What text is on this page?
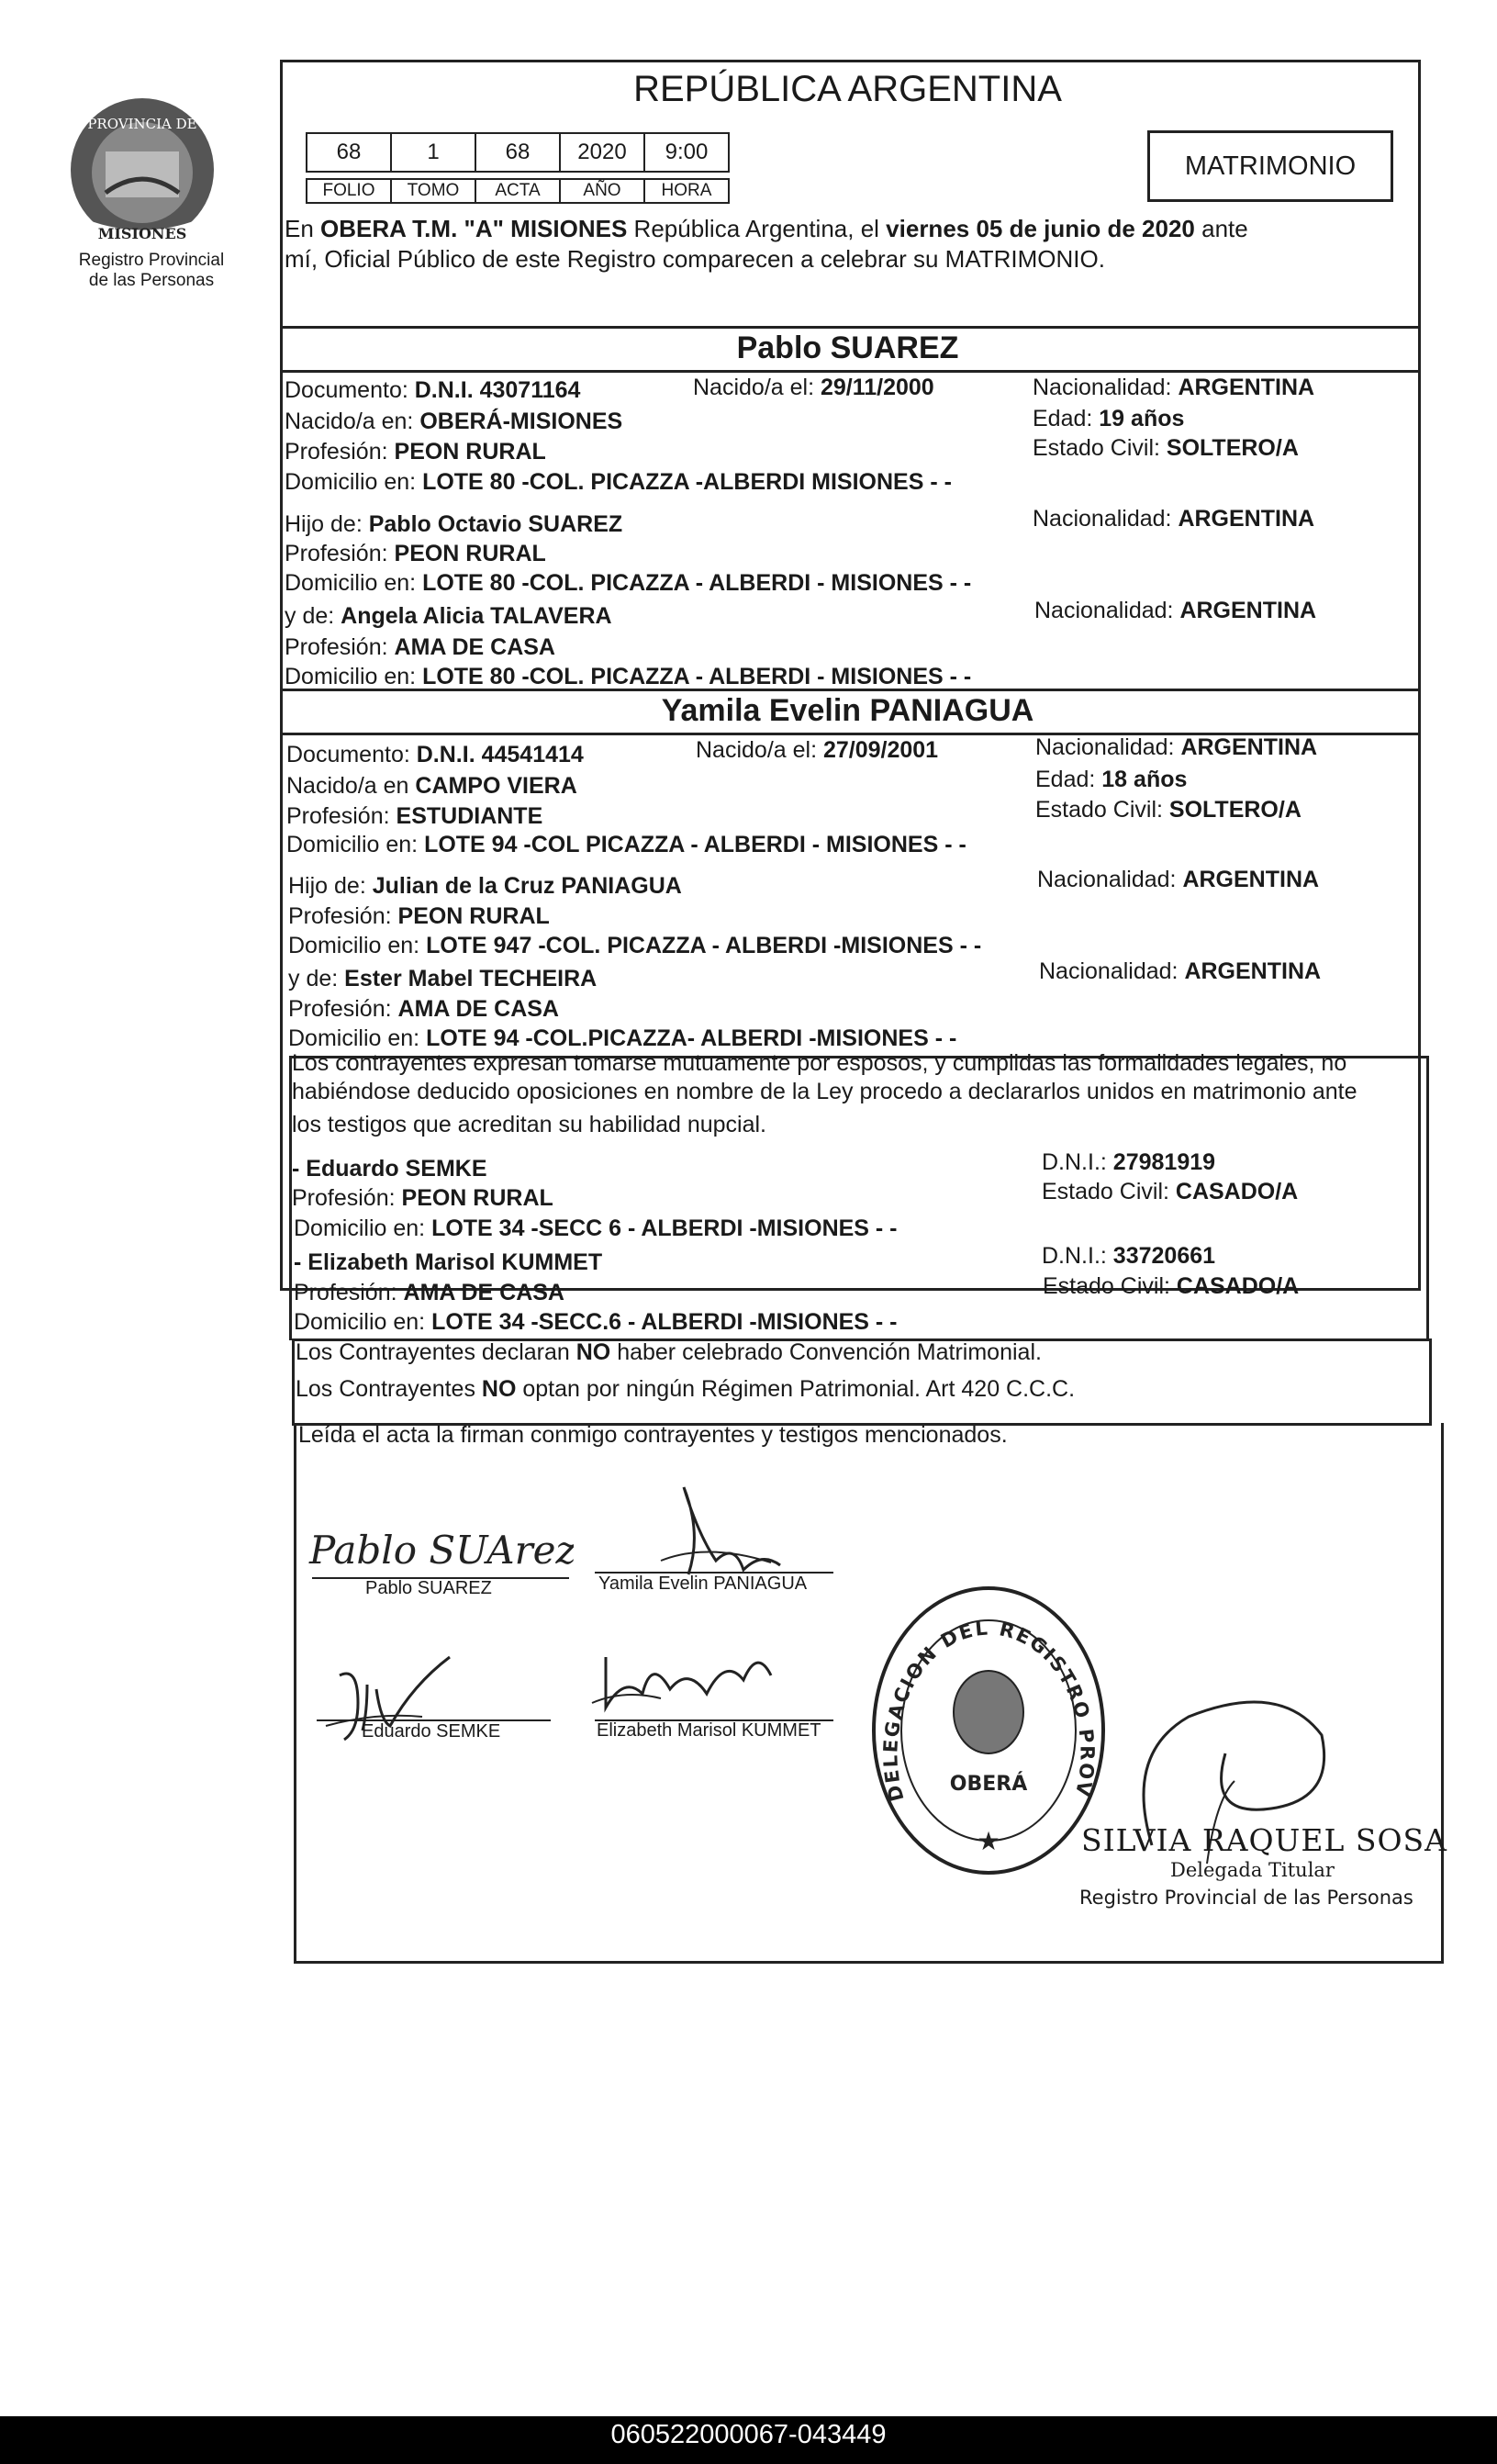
PROVINCIA DE
MISIONES
Registro Provincial
de las Personas
REPÚBLICA ARGENTINA
68	1	68	2020	9:00
FOLIO	TOMO	ACTA	AÑO	HORA
MATRIMONIO
En OBERA T.M. "A" MISIONES República Argentina, el viernes 05 de junio de 2020 ante
mí, Oficial Público de este Registro comparecen a celebrar su MATRIMONIO.
Pablo SUAREZ
Documento: D.N.I. 43071164	Nacido/a el: 29/11/2000	Nacionalidad: ARGENTINA
Nacido/a en: OBERÁ-MISIONES	Edad: 19 años
Profesión: PEON RURAL	Estado Civil: SOLTERO/A
Domicilio en: LOTE 80 -COL. PICAZZA -ALBERDI MISIONES - -
Hijo de: Pablo Octavio SUAREZ	Nacionalidad: ARGENTINA
Profesión: PEON RURAL
Domicilio en: LOTE 80 -COL. PICAZZA - ALBERDI - MISIONES - -
y de: Angela Alicia TALAVERA	Nacionalidad: ARGENTINA
Profesión: AMA DE CASA
Domicilio en: LOTE 80 -COL. PICAZZA - ALBERDI - MISIONES - -
Yamila Evelin PANIAGUA
Documento: D.N.I. 44541414	Nacido/a el: 27/09/2001	Nacionalidad: ARGENTINA
Nacido/a en CAMPO VIERA	Edad: 18 años
Profesión: ESTUDIANTE	Estado Civil: SOLTERO/A
Domicilio en: LOTE 94 -COL PICAZZA - ALBERDI - MISIONES - -
Hijo de: Julian de la Cruz PANIAGUA	Nacionalidad: ARGENTINA
Profesión: PEON RURAL
Domicilio en: LOTE 947 -COL. PICAZZA - ALBERDI -MISIONES - -
y de: Ester Mabel TECHEIRA	Nacionalidad: ARGENTINA
Profesión: AMA DE CASA
Domicilio en: LOTE 94 -COL.PICAZZA- ALBERDI -MISIONES - -
Los contrayentes expresan tomarse mutuamente por esposos, y cumplidas las formalidades legales, no
habiéndose deducido oposiciones en nombre de la Ley procedo a declararlos unidos en matrimonio ante
los testigos que acreditan su habilidad nupcial.
- Eduardo SEMKE	D.N.I.: 27981919
Profesión: PEON RURAL	Estado Civil: CASADO/A
Domicilio en: LOTE 34 -SECC 6 - ALBERDI -MISIONES - -
- Elizabeth Marisol KUMMET	D.N.I.: 33720661
Profesión: AMA DE CASA	Estado Civil: CASADO/A
Domicilio en: LOTE 34 -SECC.6 - ALBERDI -MISIONES - -
Los Contrayentes declaran NO haber celebrado Convención Matrimonial.
Los Contrayentes NO optan por ningún Régimen Patrimonial. Art 420 C.C.C.
Leída el acta la firman conmigo contrayentes y testigos mencionados.
Pablo SUArez
Pablo SUAREZ	Yamila Evelin PANIAGUA
Eduardo SEMKE	Elizabeth Marisol KUMMET
DELEGACION DEL REGISTRO PROV
OBERÁ
★	SILVIA RAQUEL SOSA
Delegada Titular
Registro Provincial de las Personas
060522000067-043449
